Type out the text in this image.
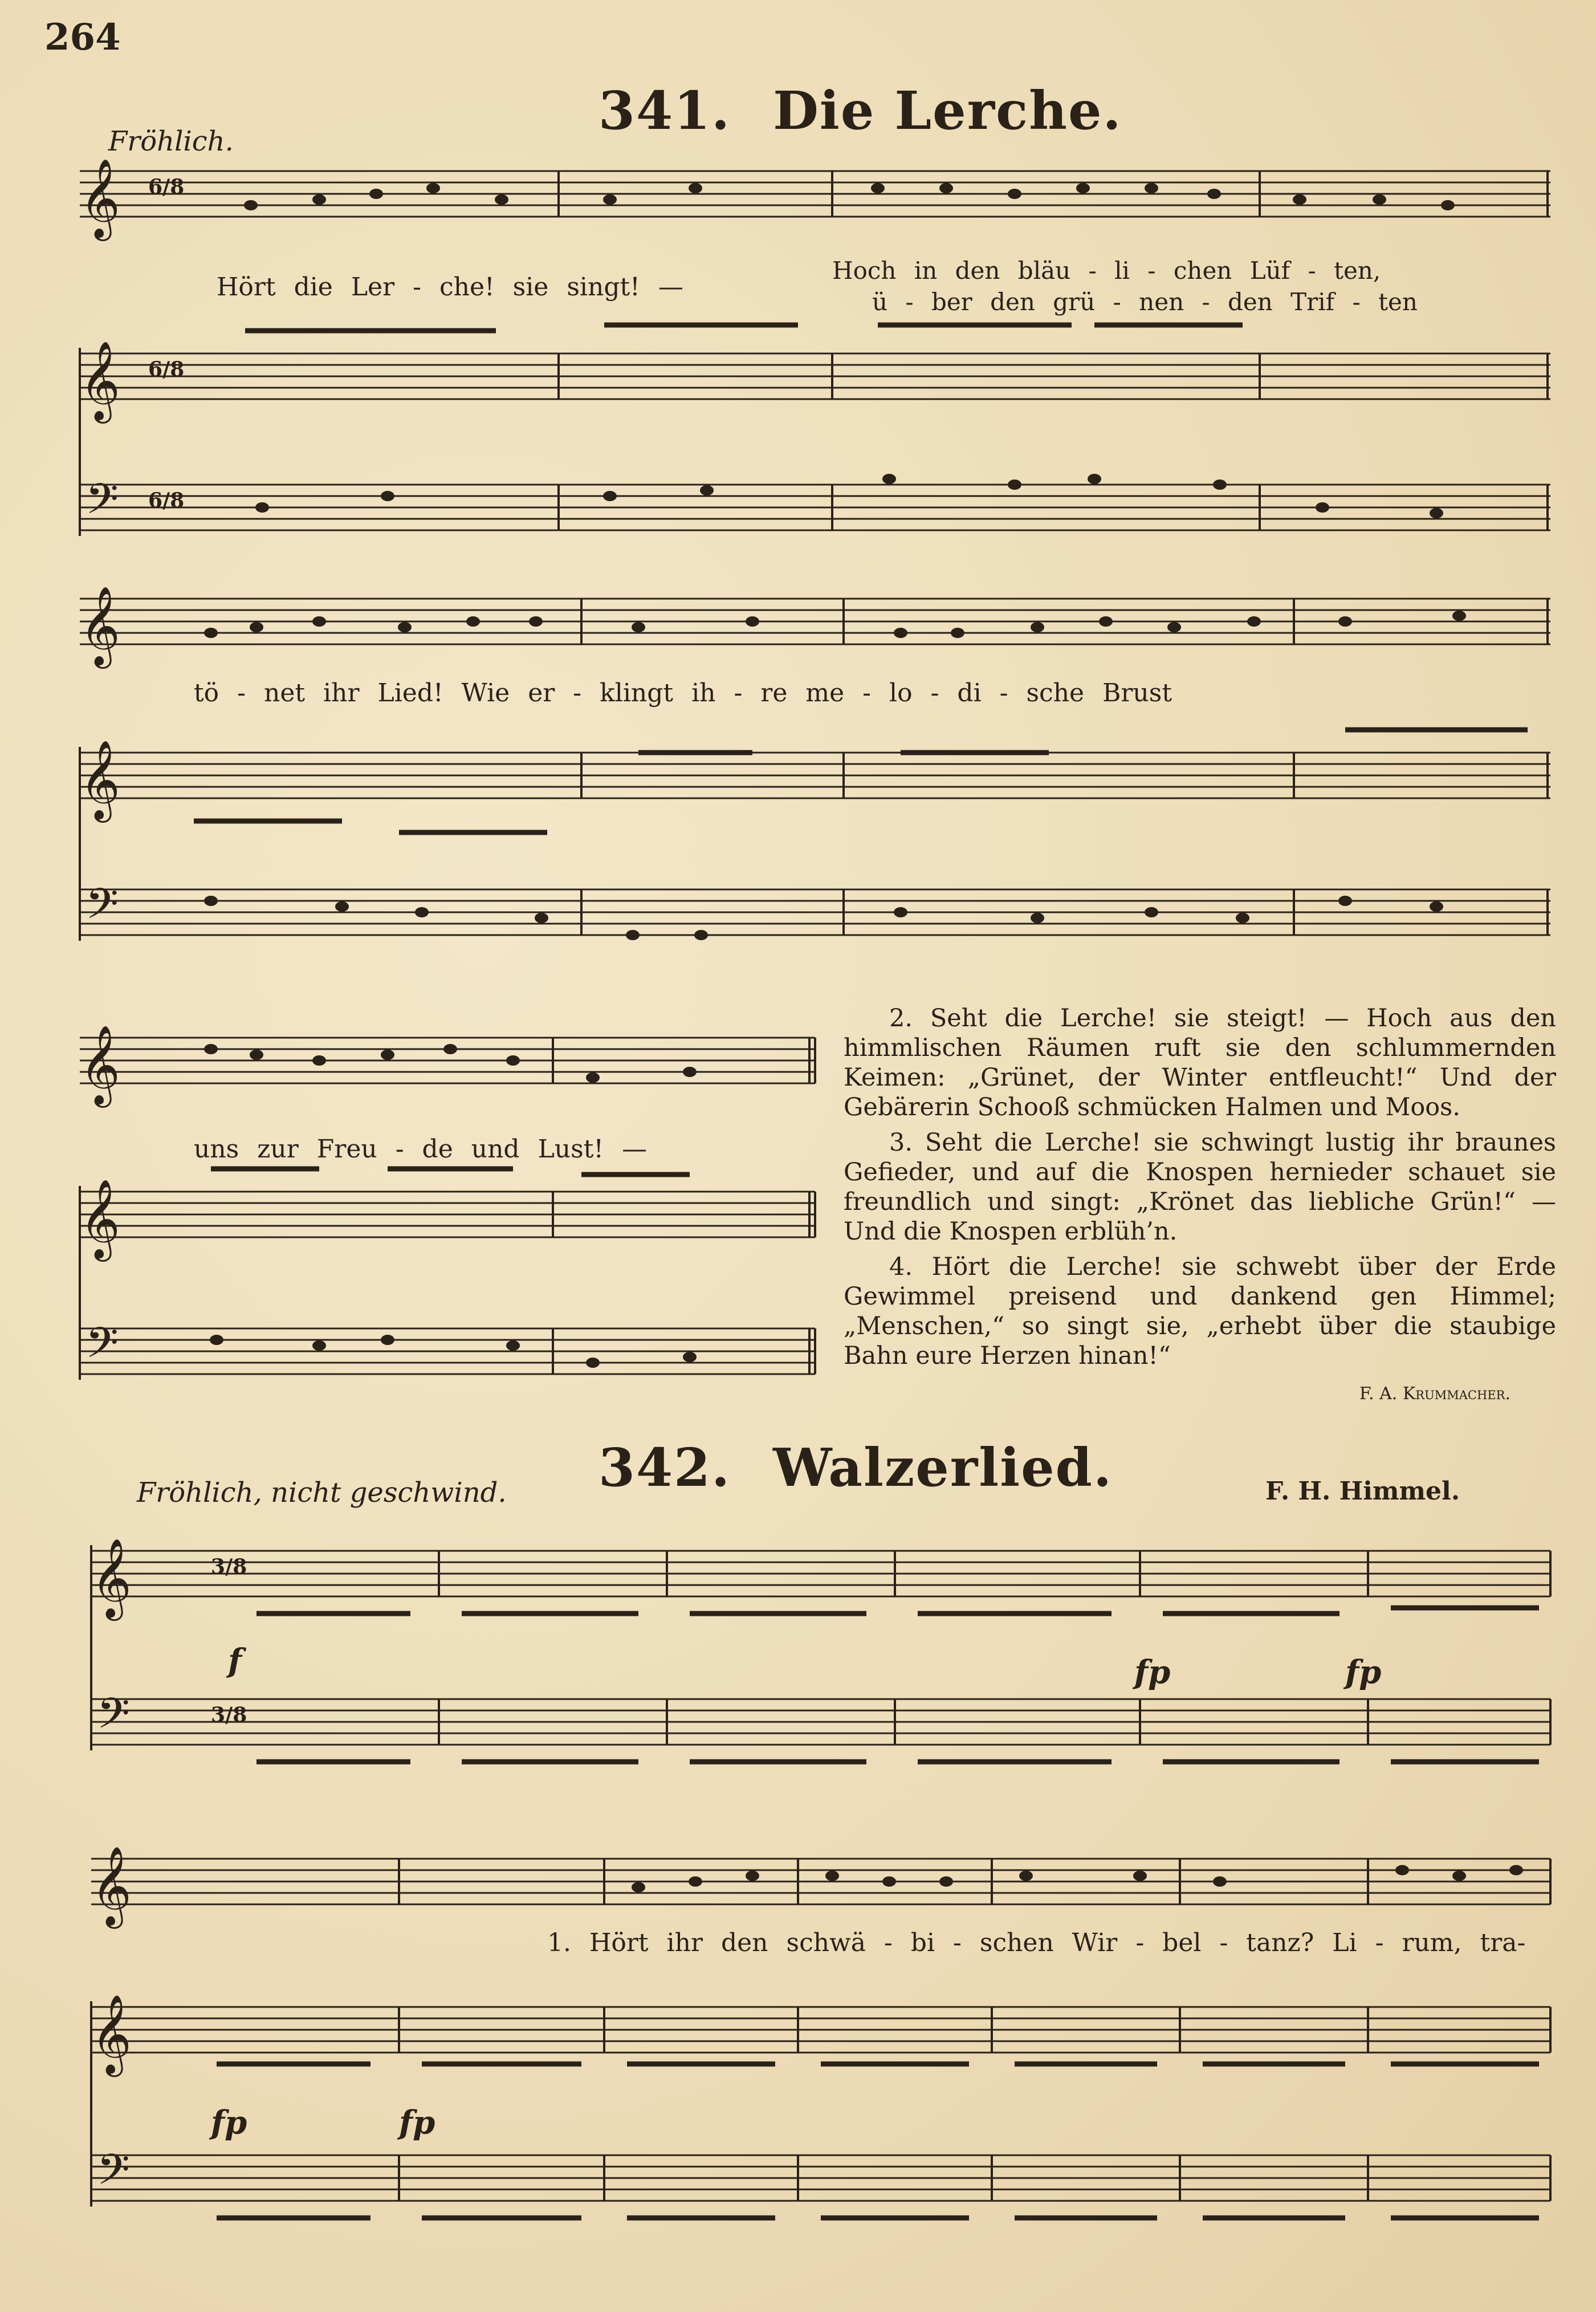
264
341. Die Lerche.
Fröhlich.
𝄞 6/8
𝄞 6/8
𝄢 6/8
Hört die Ler - che! sie singt! —
Hoch in den bläu - li - chen Lüf - ten,
ü - ber den grü - nen - den Trif - ten
𝄞
𝄞
𝄢
tö - net ihr Lied! Wie er - klingt ih - re me - lo - di - sche Brust
𝄞
𝄞
𝄢
uns zur Freu - de und Lust! —

2. Seht die Lerche! sie steigt! — Hoch aus den himmlischen Räumen ruft sie den schlummernden Keimen: „Grünet, der Winter entfleucht!“ Und der Gebärerin Schooß schmücken Halmen und Moos.

3. Seht die Lerche! sie schwingt lustig ihr braunes Gefieder, und auf die Knospen hernieder schauet sie freundlich und singt: „Krönet das liebliche Grün!“ — Und die Knospen erblüh’n.

4. Hört die Lerche! sie schwebt über der Erde Gewimmel preisend und dankend gen Himmel; „Menschen,“ so singt sie, „erhebt über die staubige Bahn eure Herzen hinan!“

F. A. Krummacher.
342. Walzerlied.
Fröhlich, nicht geschwind.	F. H. Himmel.
𝄞	3/8
𝄢	3/8
f	fp	fp
𝄞
𝄞
𝄢
1. Hört ihr den schwä - bi - schen Wir - bel - tanz? Li - rum, tra-
fp	fp
